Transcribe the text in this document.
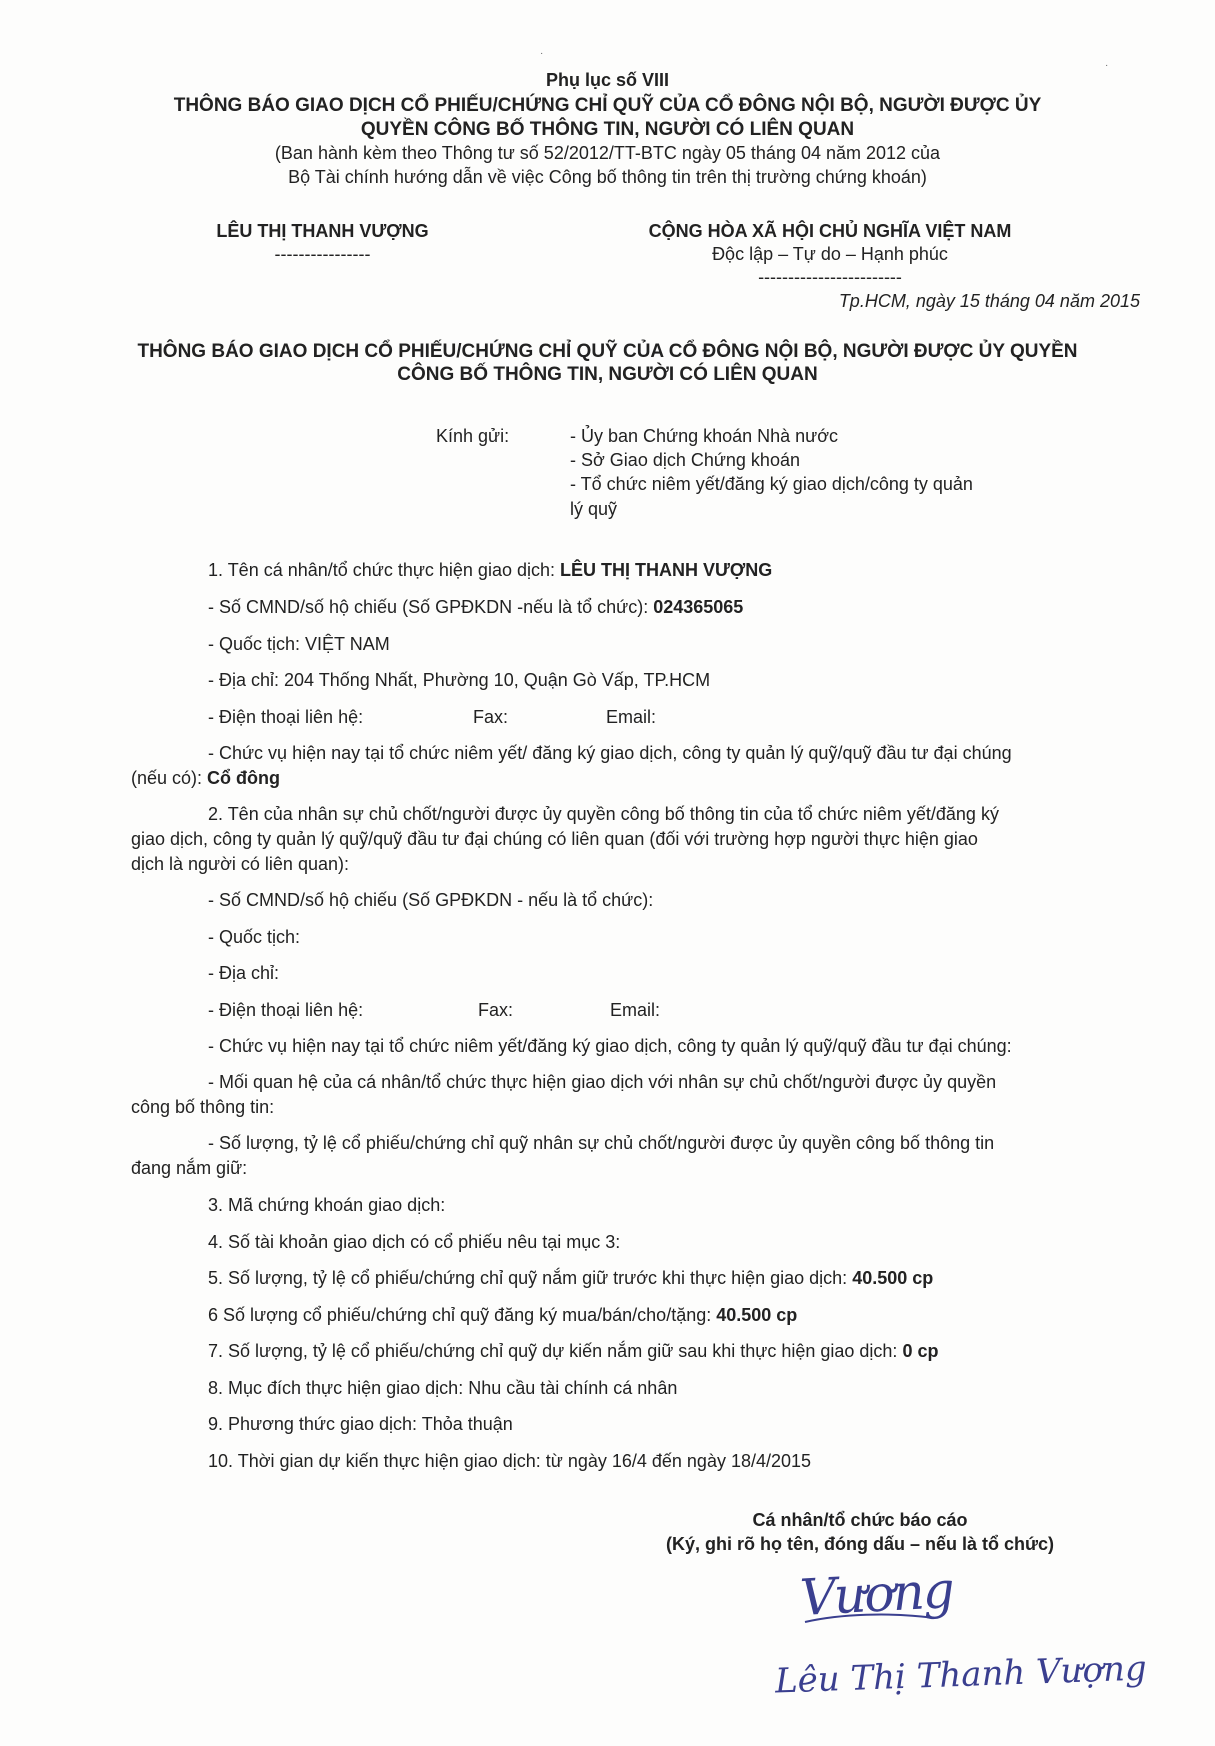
·
·
Phụ lục số VIII
THÔNG BÁO GIAO DỊCH CỔ PHIẾU/CHỨNG CHỈ QUỸ CỦA CỔ ĐÔNG NỘI BỘ, NGƯỜI ĐƯỢC ỦY
QUYỀN CÔNG BỐ THÔNG TIN, NGƯỜI CÓ LIÊN QUAN
(Ban hành kèm theo Thông tư số 52/2012/TT-BTC ngày 05 tháng 04 năm 2012 của
Bộ Tài chính hướng dẫn về việc Công bố thông tin trên thị trường chứng khoán)
LÊU THỊ THANH VƯỢNG
----------------
CỘNG HÒA XÃ HỘI CHỦ NGHĨA VIỆT NAM
Độc lập – Tự do – Hạnh phúc
------------------------
Tp.HCM, ngày 15 tháng 04 năm 2015
THÔNG BÁO GIAO DỊCH CỔ PHIẾU/CHỨNG CHỈ QUỸ CỦA CỔ ĐÔNG NỘI BỘ, NGƯỜI ĐƯỢC ỦY QUYỀN
CÔNG BỐ THÔNG TIN, NGƯỜI CÓ LIÊN QUAN
Kính gửi:	- Ủy ban Chứng khoán Nhà nước
- Sở Giao dịch Chứng khoán
- Tổ chức niêm yết/đăng ký giao dịch/công ty quản
lý quỹ
1. Tên cá nhân/tổ chức thực hiện giao dịch: LÊU THỊ THANH VƯỢNG
- Số CMND/số hộ chiếu (Số GPĐKDN -nếu là tổ chức): 024365065
- Quốc tịch: VIỆT NAM
- Địa chỉ: 204 Thống Nhất, Phường 10, Quận Gò Vấp, TP.HCM
- Điện thoại liên hệ:	Fax:	Email:
- Chức vụ hiện nay tại tổ chức niêm yết/ đăng ký giao dịch, công ty quản lý quỹ/quỹ đầu tư đại chúng
(nếu có): Cổ đông
2. Tên của nhân sự chủ chốt/người được ủy quyền công bố thông tin của tổ chức niêm yết/đăng ký
giao dịch, công ty quản lý quỹ/quỹ đầu tư đại chúng có liên quan (đối với trường hợp người thực hiện giao
dịch là người có liên quan):
- Số CMND/số hộ chiếu (Số GPĐKDN - nếu là tổ chức):
- Quốc tịch:
- Địa chỉ:
- Điện thoại liên hệ:	Fax:	Email:
- Chức vụ hiện nay tại tổ chức niêm yết/đăng ký giao dịch, công ty quản lý quỹ/quỹ đầu tư đại chúng:
- Mối quan hệ của cá nhân/tổ chức thực hiện giao dịch với nhân sự chủ chốt/người được ủy quyền
công bố thông tin:
- Số lượng, tỷ lệ cổ phiếu/chứng chỉ quỹ nhân sự chủ chốt/người được ủy quyền công bố thông tin
đang nắm giữ:
3. Mã chứng khoán giao dịch:
4. Số tài khoản giao dịch có cổ phiếu nêu tại mục 3:
5. Số lượng, tỷ lệ cổ phiếu/chứng chỉ quỹ nắm giữ trước khi thực hiện giao dịch: 40.500 cp
6 Số lượng cổ phiếu/chứng chỉ quỹ đăng ký mua/bán/cho/tặng: 40.500 cp
7. Số lượng, tỷ lệ cổ phiếu/chứng chỉ quỹ dự kiến nắm giữ sau khi thực hiện giao dịch: 0 cp
8. Mục đích thực hiện giao dịch: Nhu cầu tài chính cá nhân
9. Phương thức giao dịch: Thỏa thuận
10. Thời gian dự kiến thực hiện giao dịch: từ ngày 16/4 đến ngày 18/4/2015
Cá nhân/tổ chức báo cáo
(Ký, ghi rõ họ tên, đóng dấu – nếu là tổ chức)
Vương
Lêu Thị Thanh Vượng
